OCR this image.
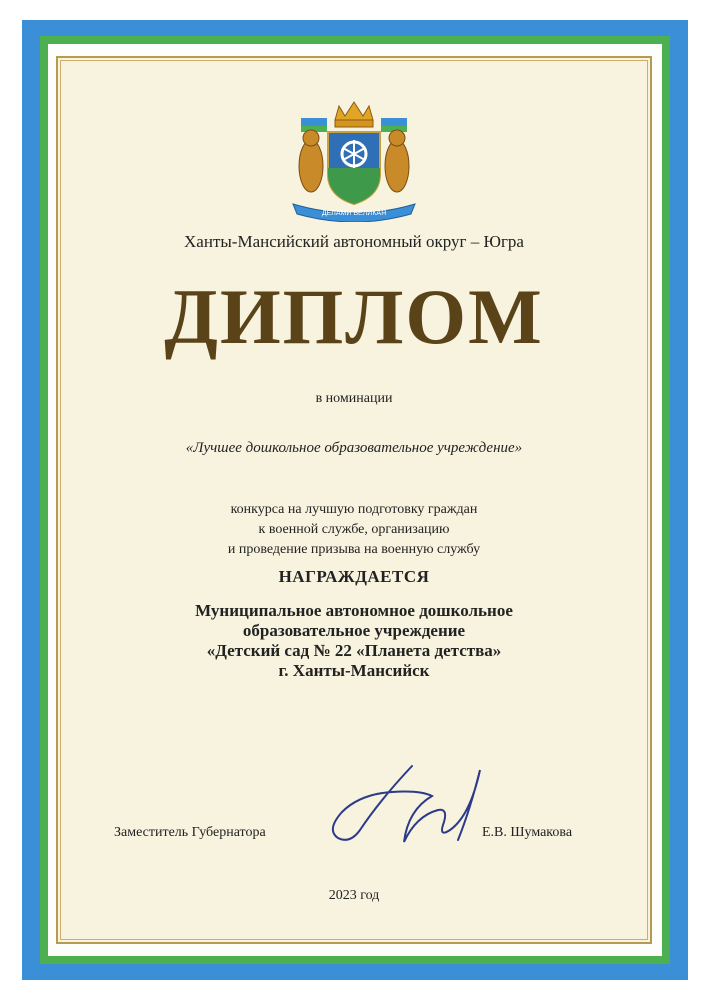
ДЕЛАМИ ВЕЛИКАЯ
Ханты-Мансийский автономный округ – Югра
ДИПЛОМ
в номинации
«Лучшее дошкольное образовательное учреждение»
конкурса на лучшую подготовку граждан
к военной службе, организацию
и проведение призыва на военную службу
НАГРАЖДАЕТСЯ
Муниципальное автономное дошкольное
образовательное учреждение
«Детский сад № 22 «Планета детства»
г. Ханты-Мансийск
Заместитель Губернатора	Е.В. Шумакова
2023 год
